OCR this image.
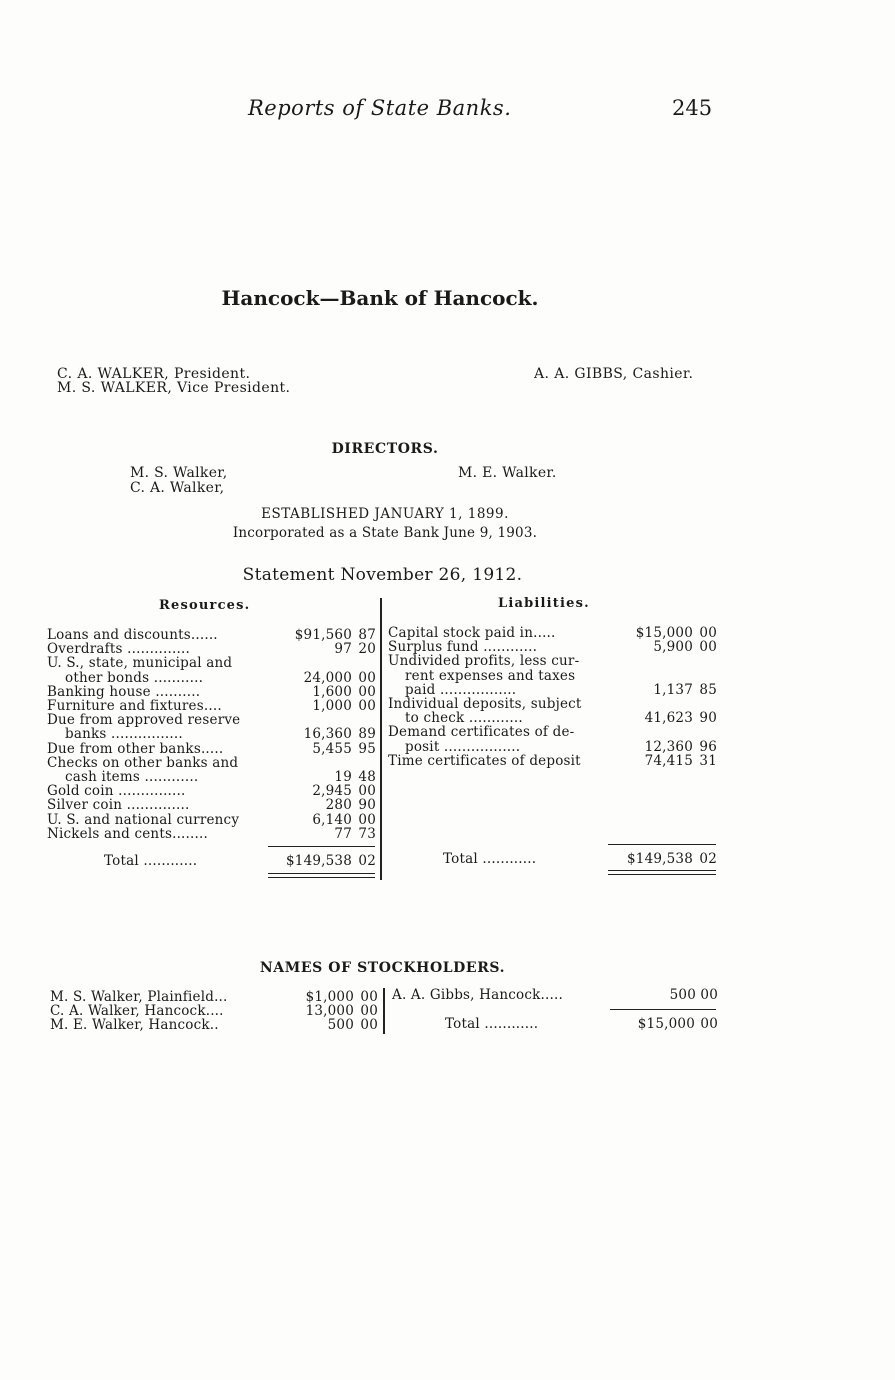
Reports of State Banks.	245
Hancock—Bank of Hancock.
C. A. WALKER, President.
M. S. WALKER, Vice President.
A. A. GIBBS, Cashier.
DIRECTORS.
M. S. Walker,
C. A. Walker,
M. E. Walker.
ESTABLISHED JANUARY 1, 1899.
Incorporated as a State Bank June 9, 1903.
Statement November 26, 1912.
Resources.	Liabilities.
Loans and discounts......	$91,560 87
Overdrafts ..............	97 20
U. S., state, municipal and
other bonds ...........	24,000 00
Banking house ..........	1,600 00
Furniture and fixtures....	1,000 00
Due from approved reserve
banks ................	16,360 89
Due from other banks.....	5,455 95
Checks on other banks and
cash items ............	19 48
Gold coin ...............	2,945 00
Silver coin ..............	280 90
U. S. and national currency	6,140 00
Nickels and cents........	77 73
Capital stock paid in.....	$15,000 00
Surplus fund ............	5,900 00
Undivided profits, less cur-
rent expenses and taxes
paid .................	1,137 85
Individual deposits, subject
to check ............	41,623 90
Demand certificates of de-
posit .................	12,360 96
Time certificates of deposit	74,415 31
Total ............	$149,538 02	Total ............	$149,538 02
NAMES OF STOCKHOLDERS.
M. S. Walker, Plainfield...	$1,000 00
C. A. Walker, Hancock....	13,000 00
M. E. Walker, Hancock..	500 00
A. A. Gibbs, Hancock.....	500 00
Total ............	$15,000 00
